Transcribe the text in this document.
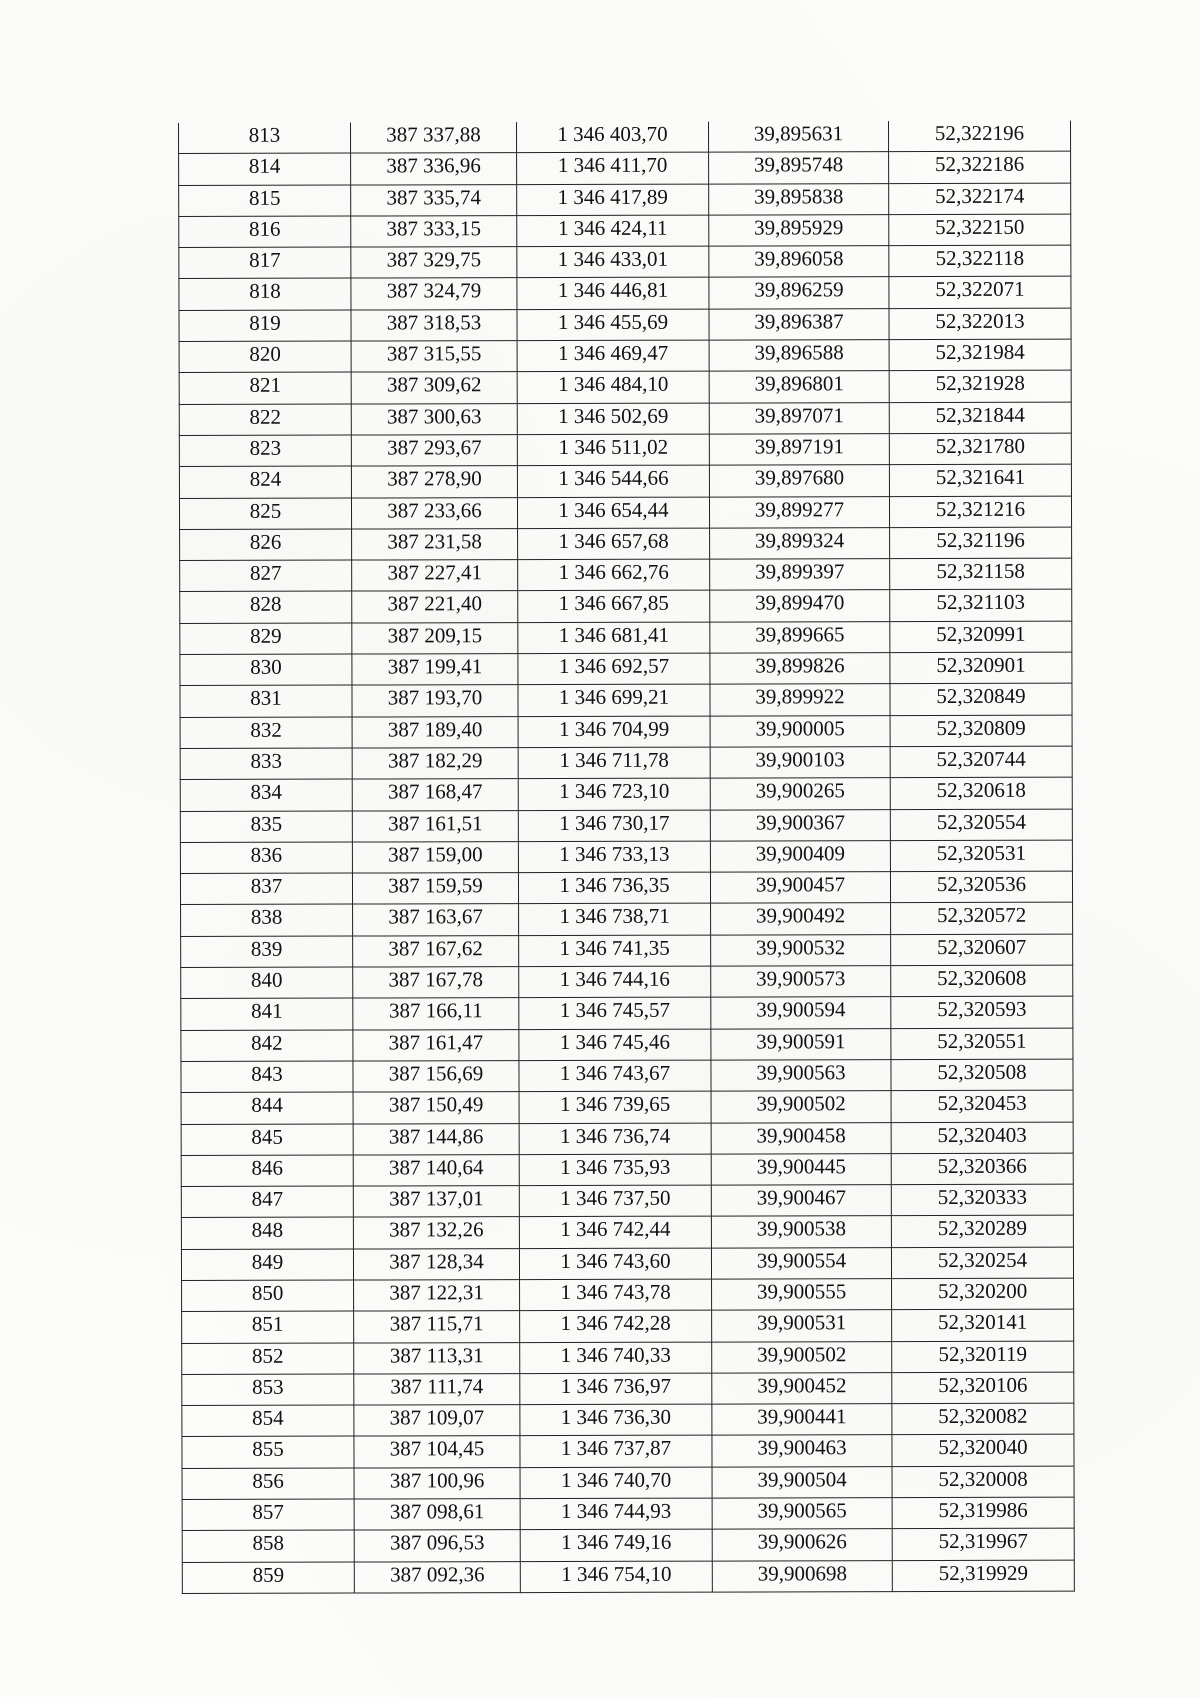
813	387 337,88	1 346 403,70	39,895631	52,322196
814	387 336,96	1 346 411,70	39,895748	52,322186
815	387 335,74	1 346 417,89	39,895838	52,322174
816	387 333,15	1 346 424,11	39,895929	52,322150
817	387 329,75	1 346 433,01	39,896058	52,322118
818	387 324,79	1 346 446,81	39,896259	52,322071
819	387 318,53	1 346 455,69	39,896387	52,322013
820	387 315,55	1 346 469,47	39,896588	52,321984
821	387 309,62	1 346 484,10	39,896801	52,321928
822	387 300,63	1 346 502,69	39,897071	52,321844
823	387 293,67	1 346 511,02	39,897191	52,321780
824	387 278,90	1 346 544,66	39,897680	52,321641
825	387 233,66	1 346 654,44	39,899277	52,321216
826	387 231,58	1 346 657,68	39,899324	52,321196
827	387 227,41	1 346 662,76	39,899397	52,321158
828	387 221,40	1 346 667,85	39,899470	52,321103
829	387 209,15	1 346 681,41	39,899665	52,320991
830	387 199,41	1 346 692,57	39,899826	52,320901
831	387 193,70	1 346 699,21	39,899922	52,320849
832	387 189,40	1 346 704,99	39,900005	52,320809
833	387 182,29	1 346 711,78	39,900103	52,320744
834	387 168,47	1 346 723,10	39,900265	52,320618
835	387 161,51	1 346 730,17	39,900367	52,320554
836	387 159,00	1 346 733,13	39,900409	52,320531
837	387 159,59	1 346 736,35	39,900457	52,320536
838	387 163,67	1 346 738,71	39,900492	52,320572
839	387 167,62	1 346 741,35	39,900532	52,320607
840	387 167,78	1 346 744,16	39,900573	52,320608
841	387 166,11	1 346 745,57	39,900594	52,320593
842	387 161,47	1 346 745,46	39,900591	52,320551
843	387 156,69	1 346 743,67	39,900563	52,320508
844	387 150,49	1 346 739,65	39,900502	52,320453
845	387 144,86	1 346 736,74	39,900458	52,320403
846	387 140,64	1 346 735,93	39,900445	52,320366
847	387 137,01	1 346 737,50	39,900467	52,320333
848	387 132,26	1 346 742,44	39,900538	52,320289
849	387 128,34	1 346 743,60	39,900554	52,320254
850	387 122,31	1 346 743,78	39,900555	52,320200
851	387 115,71	1 346 742,28	39,900531	52,320141
852	387 113,31	1 346 740,33	39,900502	52,320119
853	387 111,74	1 346 736,97	39,900452	52,320106
854	387 109,07	1 346 736,30	39,900441	52,320082
855	387 104,45	1 346 737,87	39,900463	52,320040
856	387 100,96	1 346 740,70	39,900504	52,320008
857	387 098,61	1 346 744,93	39,900565	52,319986
858	387 096,53	1 346 749,16	39,900626	52,319967
859	387 092,36	1 346 754,10	39,900698	52,319929
